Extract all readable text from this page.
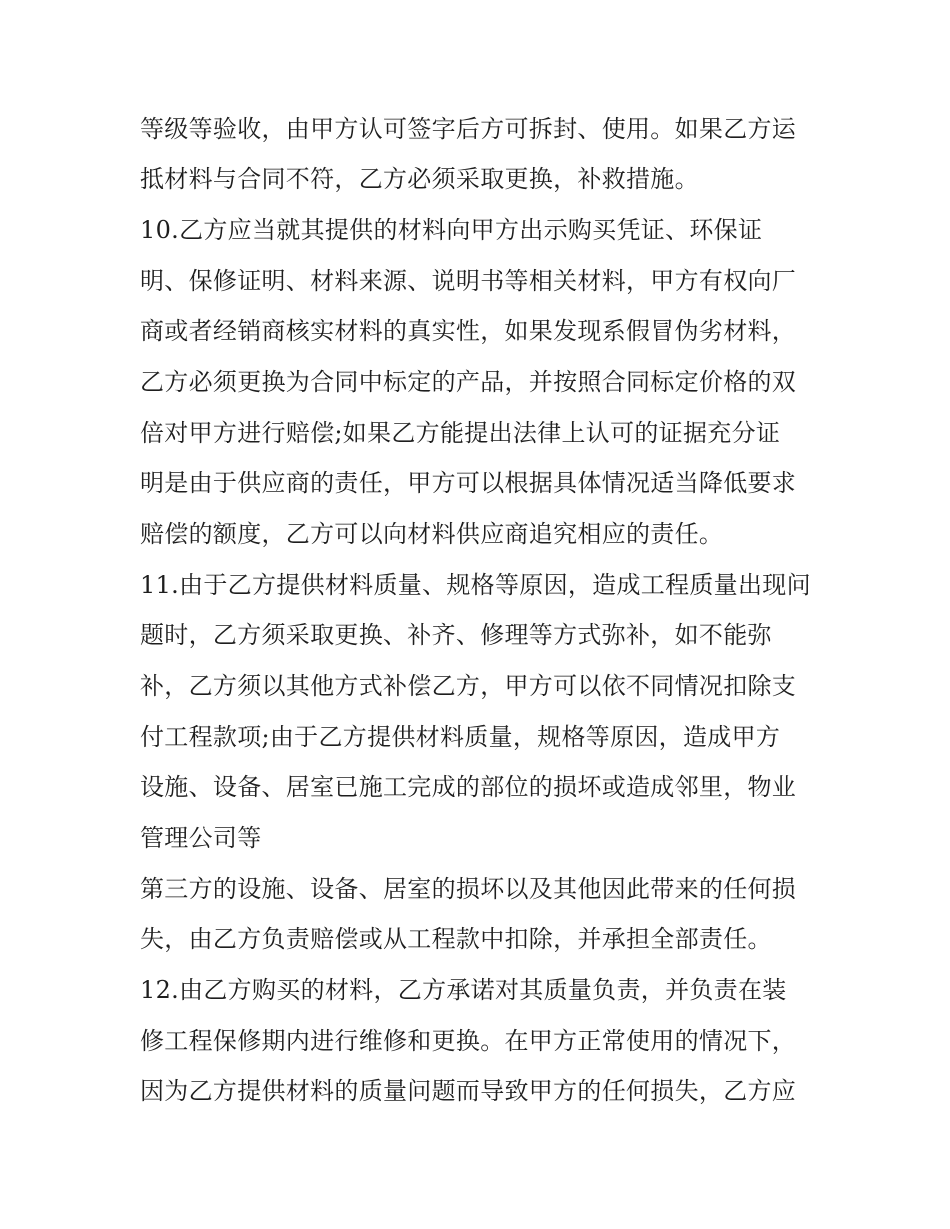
等级等验收，由甲方认可签字后方可拆封、使用。如果乙方运
抵材料与合同不符，乙方必须采取更换，补救措施。
10.乙方应当就其提供的材料向甲方出示购买凭证、环保证
明、保修证明、材料来源、说明书等相关材料，甲方有权向厂
商或者经销商核实材料的真实性，如果发现系假冒伪劣材料，
乙方必须更换为合同中标定的产品，并按照合同标定价格的双
倍对甲方进行赔偿;如果乙方能提出法律上认可的证据充分证
明是由于供应商的责任，甲方可以根据具体情况适当降低要求
赔偿的额度，乙方可以向材料供应商追究相应的责任。
11.由于乙方提供材料质量、规格等原因，造成工程质量出现问
题时，乙方须采取更换、补齐、修理等方式弥补，如不能弥
补，乙方须以其他方式补偿乙方，甲方可以依不同情况扣除支
付工程款项;由于乙方提供材料质量，规格等原因，造成甲方
设施、设备、居室已施工完成的部位的损坏或造成邻里，物业
管理公司等
第三方的设施、设备、居室的损坏以及其他因此带来的任何损
失，由乙方负责赔偿或从工程款中扣除，并承担全部责任。
12.由乙方购买的材料，乙方承诺对其质量负责，并负责在装
修工程保修期内进行维修和更换。在甲方正常使用的情况下，
因为乙方提供材料的质量问题而导致甲方的任何损失，乙方应
